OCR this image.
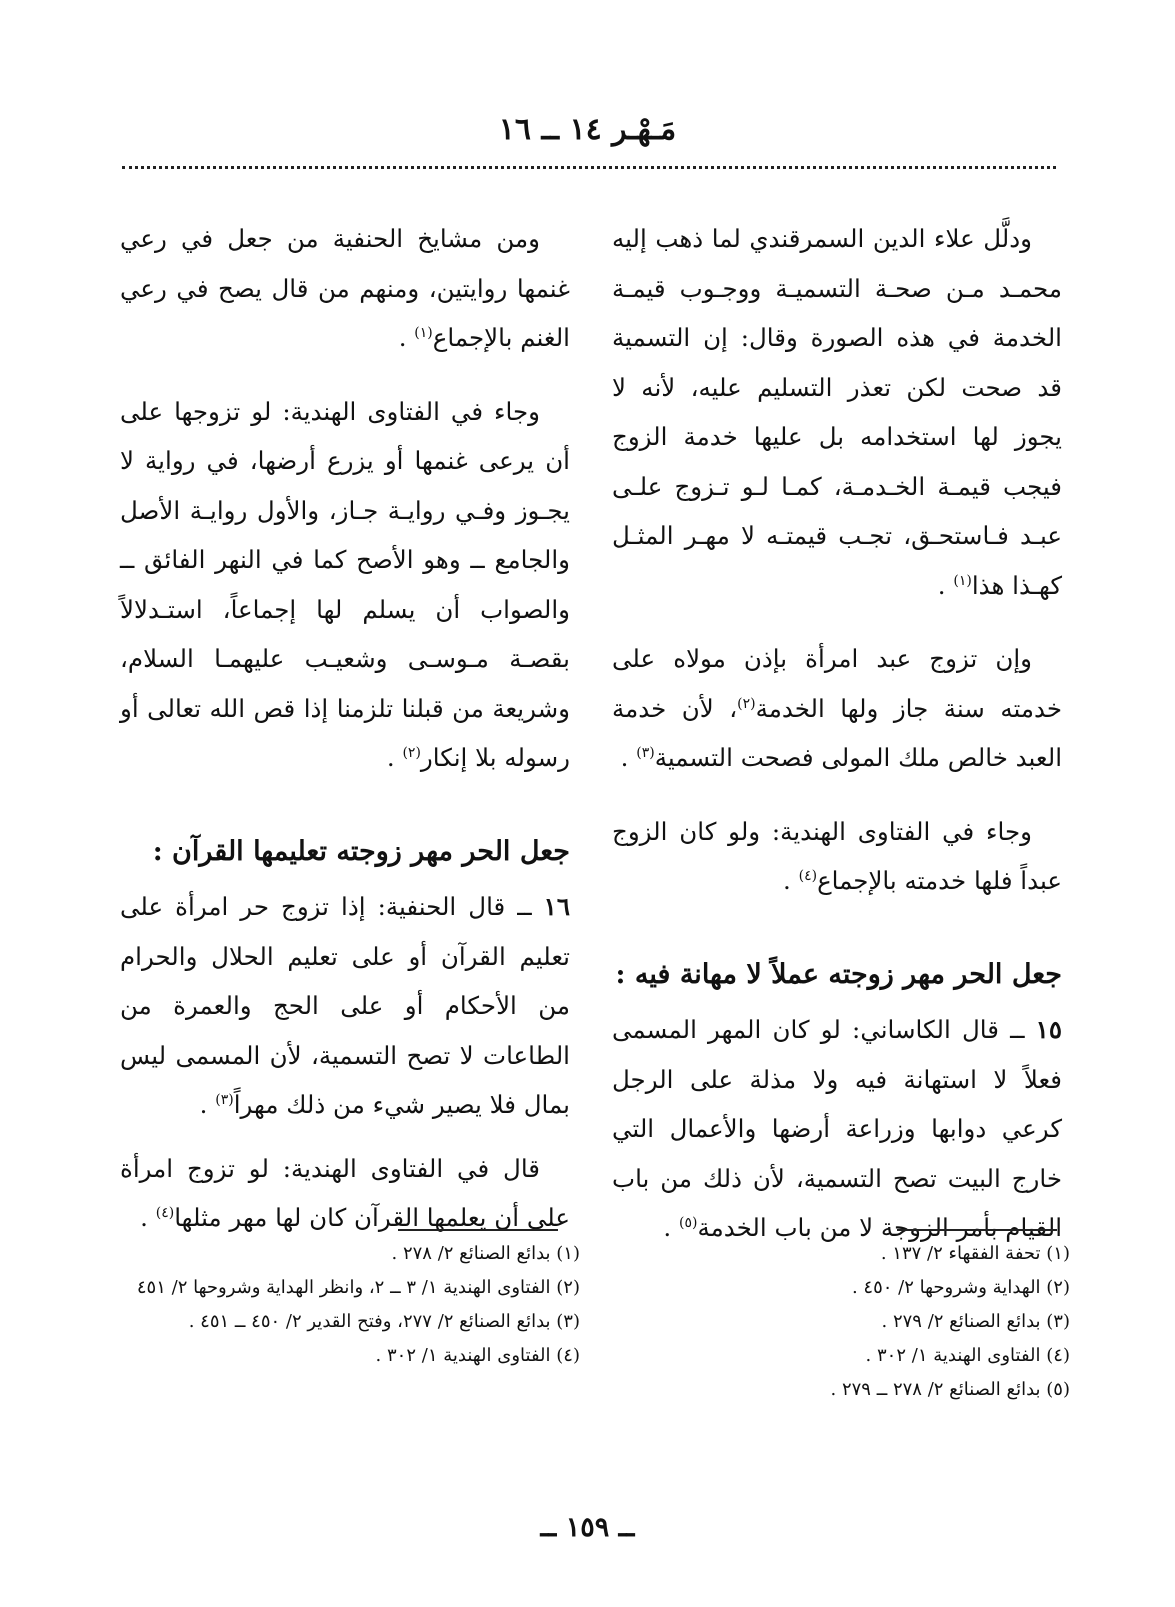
مَـهْـر ١٤ ــ ١٦

ودلَّل علاء الدين السمرقندي لما ذهب إليه محمـد مـن صحـة التسميـة ووجـوب قيمـة الخدمة في هذه الصورة وقال: إن التسمية قد صحت لكن تعذر التسليم عليه، لأنه لا يجوز لها استخدامه بل عليها خدمة الزوج فيجب قيمـة الخـدمـة، كمـا لـو تـزوج علـى عبـد فـاستحـق، تجـب قيمتـه لا مهـر المثـل كهـذا هذا$^{(١)}$ .

وإن تزوج عبد امرأة بإذن مولاه على خدمته سنة جاز ولها الخدمة$^{(٢)}$، لأن خدمة العبد خالص ملك المولى فصحت التسمية$^{(٣)}$ .

وجاء في الفتاوى الهندية: ولو كان الزوج عبداً فلها خدمته بالإجماع$^{(٤)}$ .

جعل الحر مهر زوجته عملاً لا مهانة فيه :

١٥ ــ قال الكاساني: لو كان المهر المسمى فعلاً لا استهانة فيه ولا مذلة على الرجل كرعي دوابها وزراعة أرضها والأعمال التي خارج البيت تصح التسمية، لأن ذلك من باب القيام بأمر الزوجة لا من باب الخدمة$^{(٥)}$ .

ومن مشايخ الحنفية من جعل في رعي غنمها روايتين، ومنهم من قال يصح في رعي الغنم بالإجماع$^{(١)}$ .

وجاء في الفتاوى الهندية: لو تزوجها على أن يرعى غنمها أو يزرع أرضها، في رواية لا يجـوز وفـي روايـة جـاز، والأول روايـة الأصل والجامع ــ وهو الأصح كما في النهر الفائق ــ والصواب أن يسلم لها إجماعاً، استـدلالاً بقصـة مـوسـى وشعيـب عليهمـا السلام، وشريعة من قبلنا تلزمنا إذا قص الله تعالى أو رسوله بلا إنكار$^{(٢)}$ .

جعل الحر مهر زوجته تعليمها القرآن :

١٦ ــ قال الحنفية: إذا تزوج حر امرأة على تعليم القرآن أو على تعليم الحلال والحرام من الأحكام أو على الحج والعمرة من الطاعات لا تصح التسمية، لأن المسمى ليس بمال فلا يصير شيء من ذلك مهراً$^{(٣)}$ .

قال في الفتاوى الهندية: لو تزوج امرأة على أن يعلمها القرآن كان لها مهر مثلها$^{(٤)}$ .

(١) تحفة الفقهاء ٢/ ١٣٧ .
(٢) الهداية وشروحها ٢/ ٤٥٠ .
(٣) بدائع الصنائع ٢/ ٢٧٩ .
(٤) الفتاوى الهندية ١/ ٣٠٢ .
(٥) بدائع الصنائع ٢/ ٢٧٨ ــ ٢٧٩ .
(١) بدائع الصنائع ٢/ ٢٧٨ .
(٢) الفتاوى الهندية ١/ ٣ ــ ٢، وانظر الهداية وشروحها ٢/ ٤٥١
(٣) بدائع الصنائع ٢/ ٢٧٧، وفتح القدير ٢/ ٤٥٠ ــ ٤٥١ .
(٤) الفتاوى الهندية ١/ ٣٠٢ .
ــ ١٥٩ ــ
